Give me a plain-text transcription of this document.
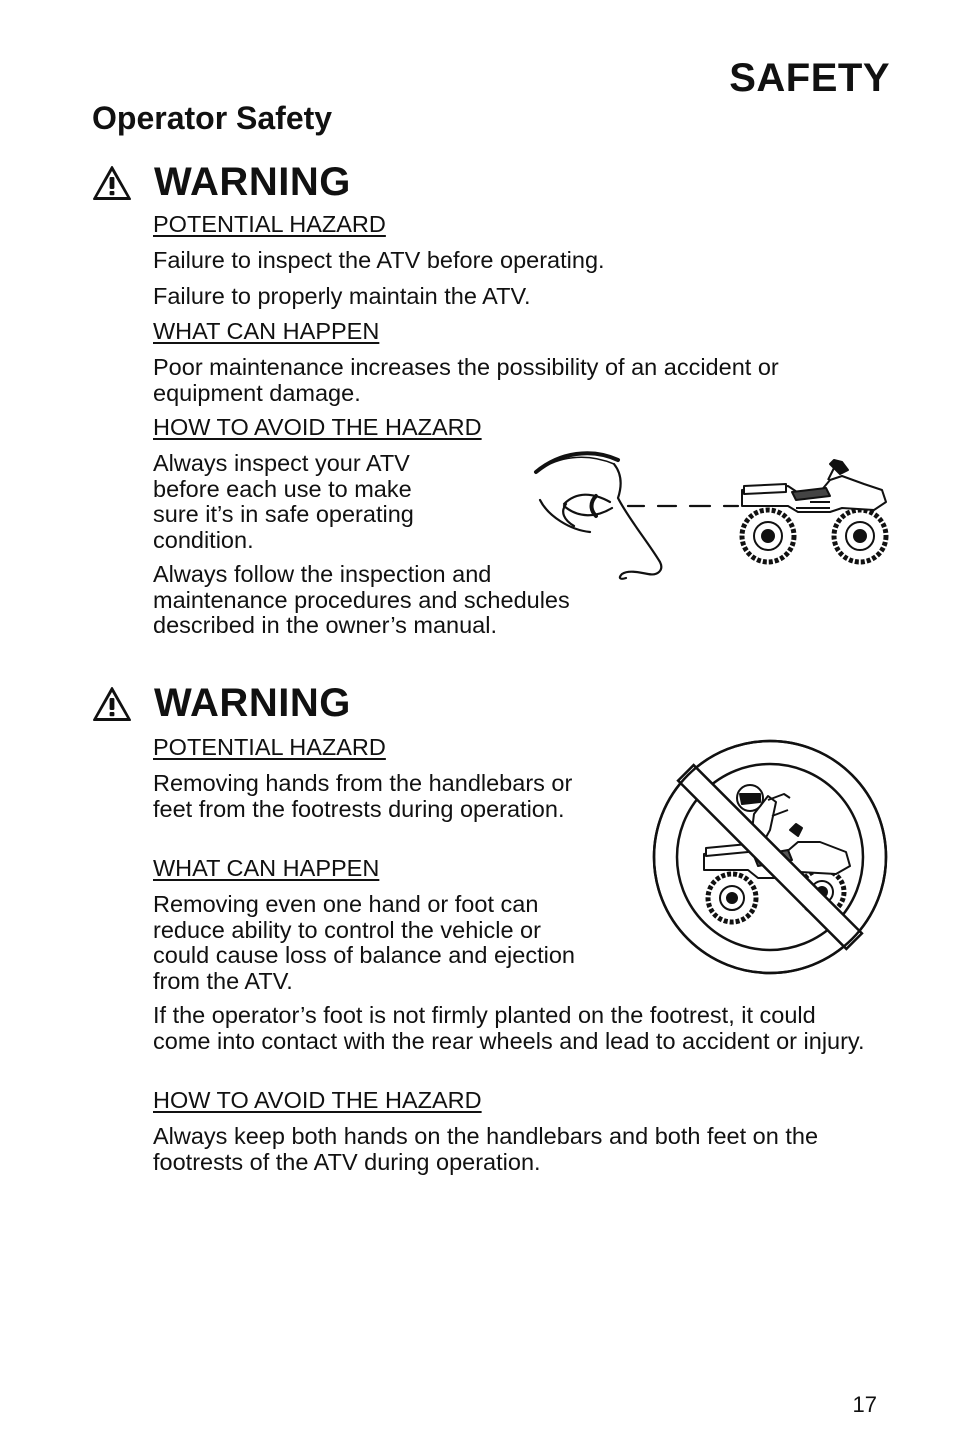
SAFETY
Operator Safety
WARNING

POTENTIAL HAZARD

Failure to inspect the ATV before operating.

Failure to properly maintain the ATV.

WHAT CAN HAPPEN

Poor maintenance increases the possibility of an accident or equipment damage.

HOW TO AVOID THE HAZARD

Always inspect your ATV before each use to make sure it’s in safe operating condition.

Always follow the inspection and maintenance procedures and schedules described in the owner’s manual.

WARNING

POTENTIAL HAZARD

Removing hands from the handlebars or feet from the footrests during operation.

WHAT CAN HAPPEN

Removing even one hand or foot can reduce ability to control the vehicle or could cause loss of balance and ejection from the ATV.

If the operator’s foot is not firmly planted on the footrest, it could come into contact with the rear wheels and lead to accident or injury.

HOW TO AVOID THE HAZARD

Always keep both hands on the handlebars and both feet on the footrests of the ATV during operation.

17
